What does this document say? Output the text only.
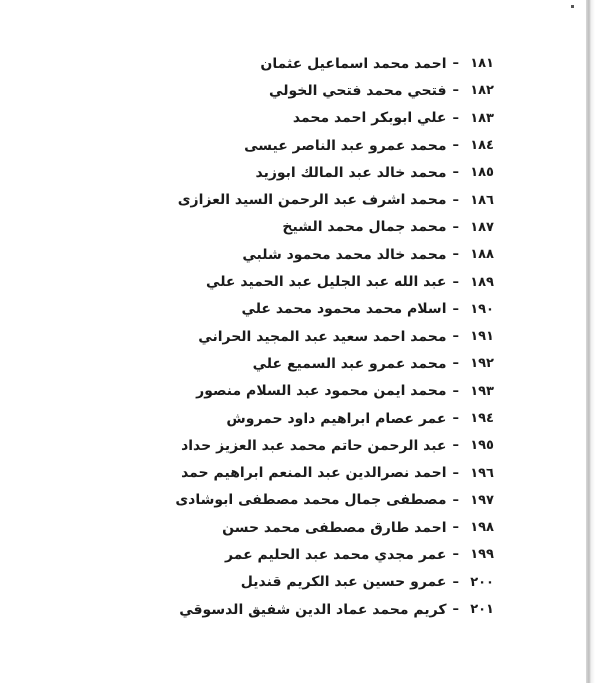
١٨١
–
احمد محمد اسماعيل عثمان
١٨٢
–
فتحي محمد فتحي الخولي
١٨٣
–
علي ابوبكر احمد محمد
١٨٤
–
محمد عمرو عبد الناصر عيسى
١٨٥
–
محمد خالد عبد المالك ابوزيد
١٨٦
–
محمد اشرف عبد الرحمن السيد العزازى
١٨٧
–
محمد جمال محمد الشيخ
١٨٨
–
محمد خالد محمد محمود شلبي
١٨٩
–
عبد الله عبد الجليل عبد الحميد علي
١٩٠
–
اسلام محمد محمود محمد علي
١٩١
–
محمد احمد سعيد عبد المجيد الحراني
١٩٢
–
محمد عمرو عبد السميع علي
١٩٣
–
محمد ايمن محمود عبد السلام منصور
١٩٤
–
عمر عصام ابراهيم داود حمروش
١٩٥
–
عبد الرحمن حاتم محمد عبد العزيز حداد
١٩٦
–
احمد نصرالدين عبد المنعم ابراهيم حمد
١٩٧
–
مصطفى جمال محمد مصطفى ابوشادى
١٩٨
–
احمد طارق مصطفى محمد حسن
١٩٩
–
عمر مجدي محمد عبد الحليم عمر
٢٠٠
–
عمرو حسين عبد الكريم قنديل
٢٠١
–
كريم محمد عماد الدين شفيق الدسوقي
